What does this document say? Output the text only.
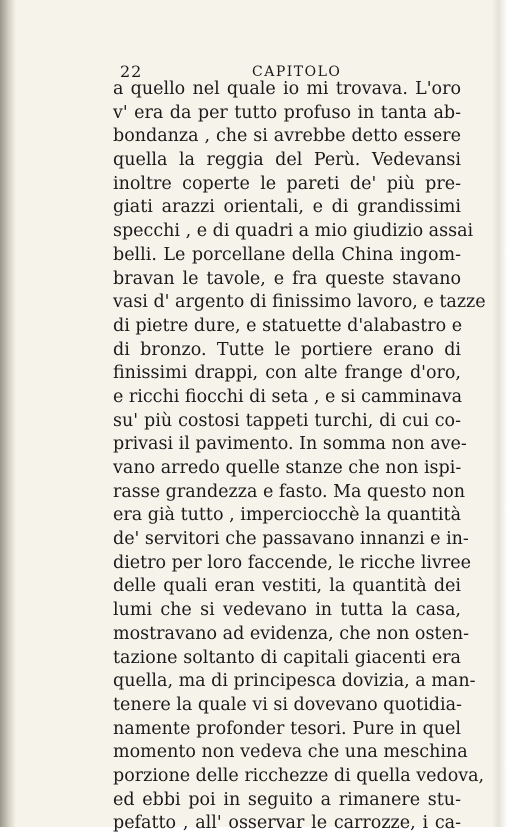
22	CAPITOLO
a quello nel quale io mi trovava. L'oro
v' era da per tutto profuso in tanta ab-
bondanza , che si avrebbe detto essere
quella la reggia del Perù. Vedevansi
inoltre coperte le pareti de' più pre-
giati arazzi orientali, e di grandissimi
specchi , e di quadri a mio giudizio assai
belli. Le porcellane della China ingom-
bravan le tavole, e fra queste stavano
vasi d' argento di finissimo lavoro, e tazze
di pietre dure, e statuette d'alabastro e
di bronzo. Tutte le portiere erano di
finissimi drappi, con alte frange d'oro,
e ricchi fiocchi di seta , e si camminava
su' più costosi tappeti turchi, di cui co-
privasi il pavimento. In somma non ave-
vano arredo quelle stanze che non ispi-
rasse grandezza e fasto. Ma questo non
era già tutto , imperciocchè la quantità
de' servitori che passavano innanzi e in-
dietro per loro faccende, le ricche livree
delle quali eran vestiti, la quantità dei
lumi che si vedevano in tutta la casa,
mostravano ad evidenza, che non osten-
tazione soltanto di capitali giacenti era
quella, ma di principesca dovizia, a man-
tenere la quale vi si dovevano quotidia-
namente profonder tesori. Pure in quel
momento non vedeva che una meschina
porzione delle ricchezze di quella vedova,
ed ebbi poi in seguito a rimanere stu-
pefatto , all' osservar le carrozze, i ca-
